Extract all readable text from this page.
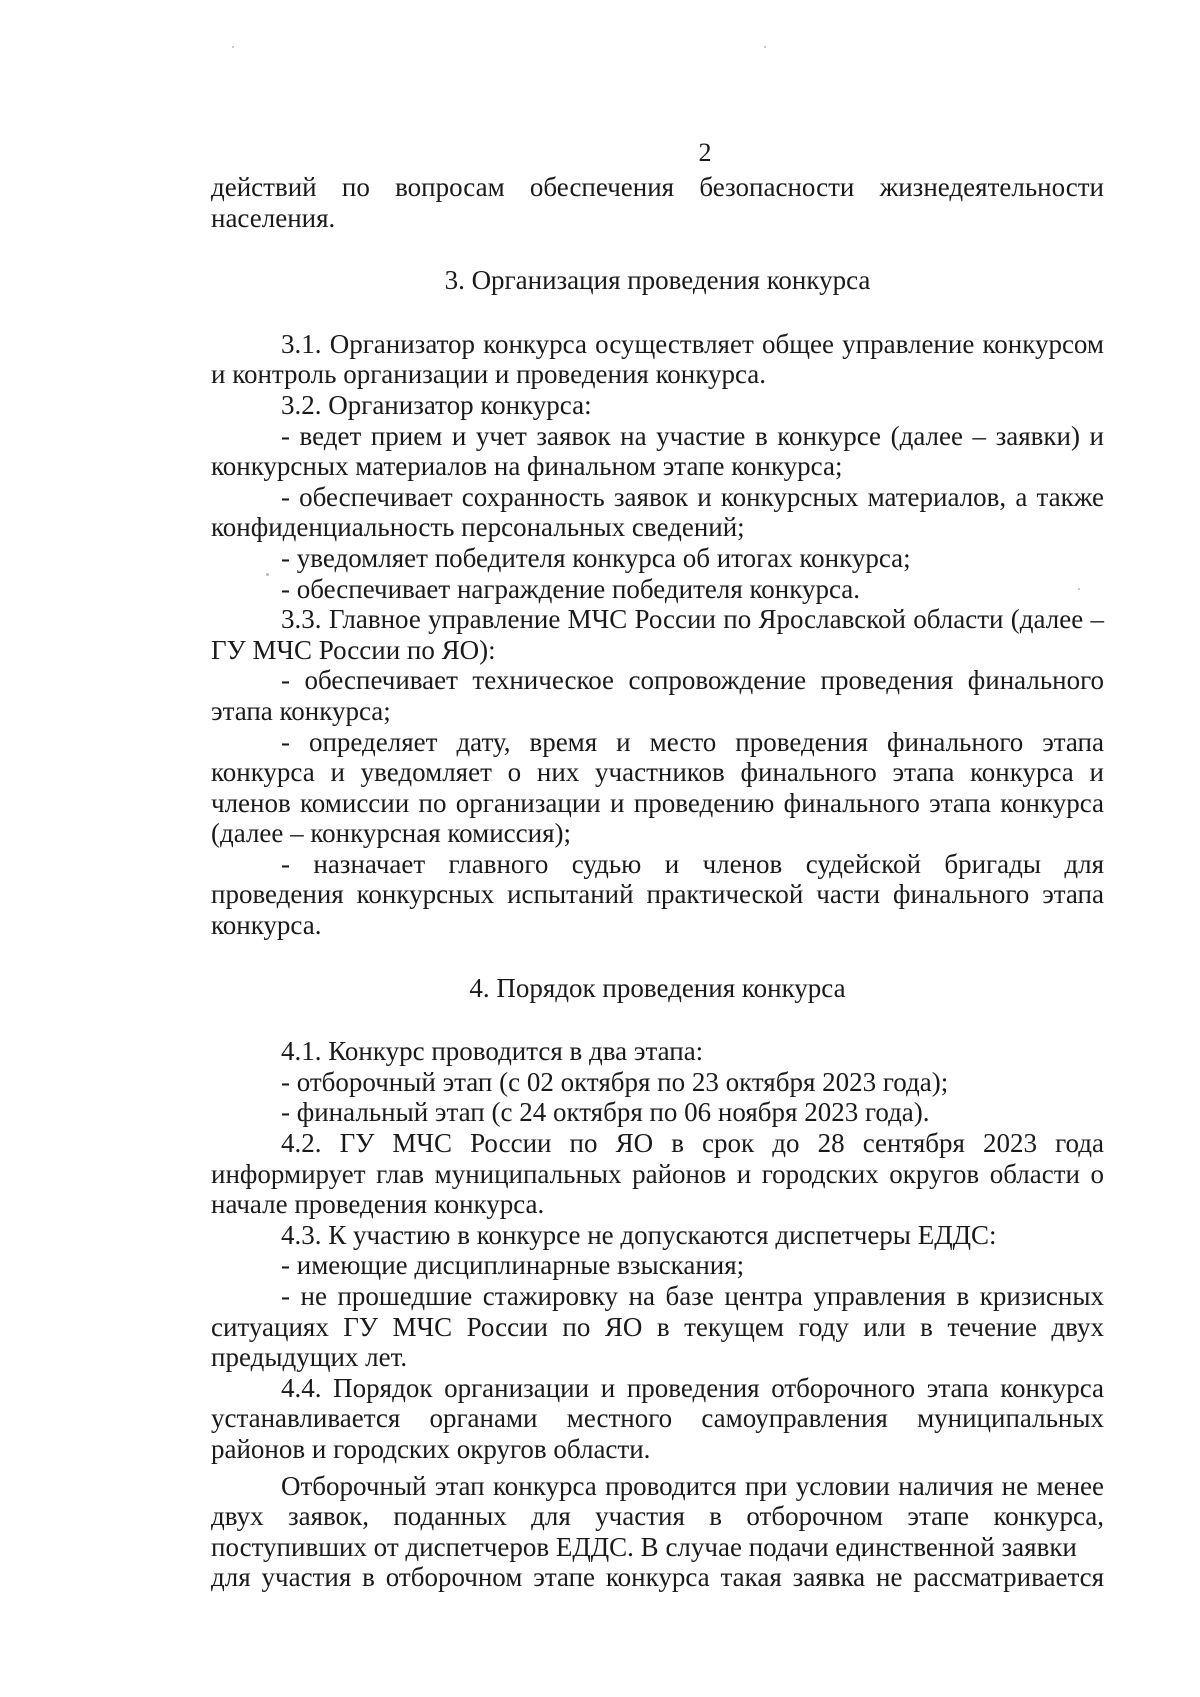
2

действий по вопросам обеспечения безопасности жизнедеятельности

населения.

3. Организация проведения конкурса

3.1. Организатор конкурса осуществляет общее управление конкурсом и контроль организации и проведения конкурса.

3.2. Организатор конкурса:

- ведет прием и учет заявок на участие в конкурсе (далее – заявки) и конкурсных материалов на финальном этапе конкурса;

- обеспечивает сохранность заявок и конкурсных материалов, а также конфиденциальность персональных сведений;

- уведомляет победителя конкурса об итогах конкурса;

- обеспечивает награждение победителя конкурса.

3.3. Главное управление МЧС России по Ярославской области (далее – ГУ МЧС России по ЯО):

- обеспечивает техническое сопровождение проведения финального этапа конкурса;

- определяет дату, время и место проведения финального этапа конкурса и уведомляет о них участников финального этапа конкурса и членов комиссии по организации и проведению финального этапа конкурса (далее – конкурсная комиссия);

- назначает главного судью и членов судейской бригады для проведения конкурсных испытаний практической части финального этапа конкурса.

4. Порядок проведения конкурса

4.1. Конкурс проводится в два этапа:

- отборочный этап (с 02 октября по 23 октября 2023 года);

- финальный этап (с 24 октября по 06 ноября 2023 года).

4.2. ГУ МЧС России по ЯО в срок до 28 сентября 2023 года информирует глав муниципальных районов и городских округов области о начале проведения конкурса.

4.3. К участию в конкурсе не допускаются диспетчеры ЕДДС:

- имеющие дисциплинарные взыскания;

- не прошедшие стажировку на базе центра управления в кризисных ситуациях ГУ МЧС России по ЯО в текущем году или в течение двух предыдущих лет.

4.4. Порядок организации и проведения отборочного этапа конкурса устанавливается органами местного самоуправления муниципальных районов и городских округов области.

Отборочный этап конкурса проводится при условии наличия не менее двух заявок, поданных для участия в отборочном этапе конкурса, поступивших от диспетчеров ЕДДС. В случае подачи единственной заявки

для участия в отборочном этапе конкурса такая заявка не рассматривается
